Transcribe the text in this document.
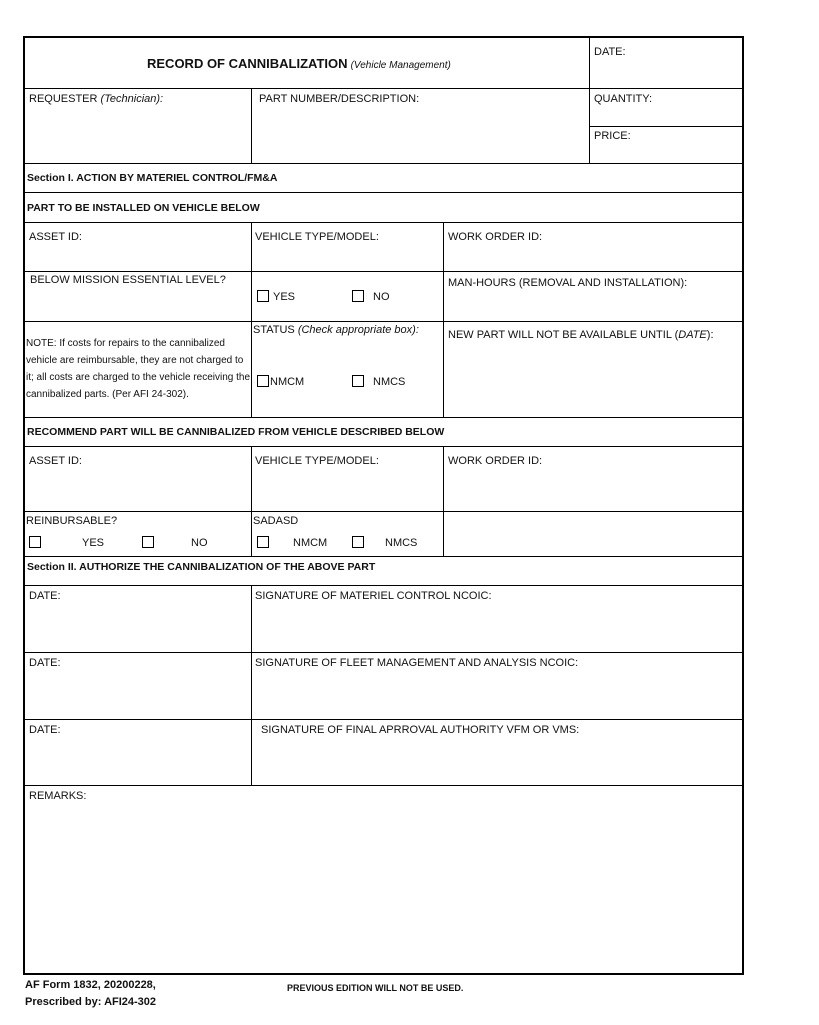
RECORD OF CANNIBALIZATION (Vehicle Management)
DATE:
REQUESTER (Technician):	PART NUMBER/DESCRIPTION:	QUANTITY:
PRICE:
Section I. ACTION BY MATERIEL CONTROL/FM&A
PART TO BE INSTALLED ON VEHICLE BELOW
ASSET ID:	VEHICLE TYPE/MODEL:	WORK ORDER ID:
BELOW MISSION ESSENTIAL LEVEL?
YES	NO
MAN-HOURS (REMOVAL AND INSTALLATION):
NOTE: If costs for repairs to the cannibalized vehicle are reimbursable, they are not charged to it; all costs are charged to the vehicle receiving the cannibalized parts. (Per AFI 24-302).
STATUS (Check appropriate box):
NMCM	NMCS
NEW PART WILL NOT BE AVAILABLE UNTIL (DATE):
RECOMMEND PART WILL BE CANNIBALIZED FROM VEHICLE DESCRIBED BELOW
ASSET ID:	VEHICLE TYPE/MODEL:	WORK ORDER ID:
REINBURSABLE?
YES	NO
SADASD
NMCM	NMCS
Section II. AUTHORIZE THE CANNIBALIZATION OF THE ABOVE PART
DATE:	SIGNATURE OF MATERIEL CONTROL NCOIC:
DATE:	SIGNATURE OF FLEET MANAGEMENT AND ANALYSIS NCOIC:
DATE:	SIGNATURE OF FINAL APRROVAL AUTHORITY VFM OR VMS:
REMARKS:
AF Form 1832, 20200228,
Prescribed by: AFI24-302
PREVIOUS EDITION WILL NOT BE USED.
